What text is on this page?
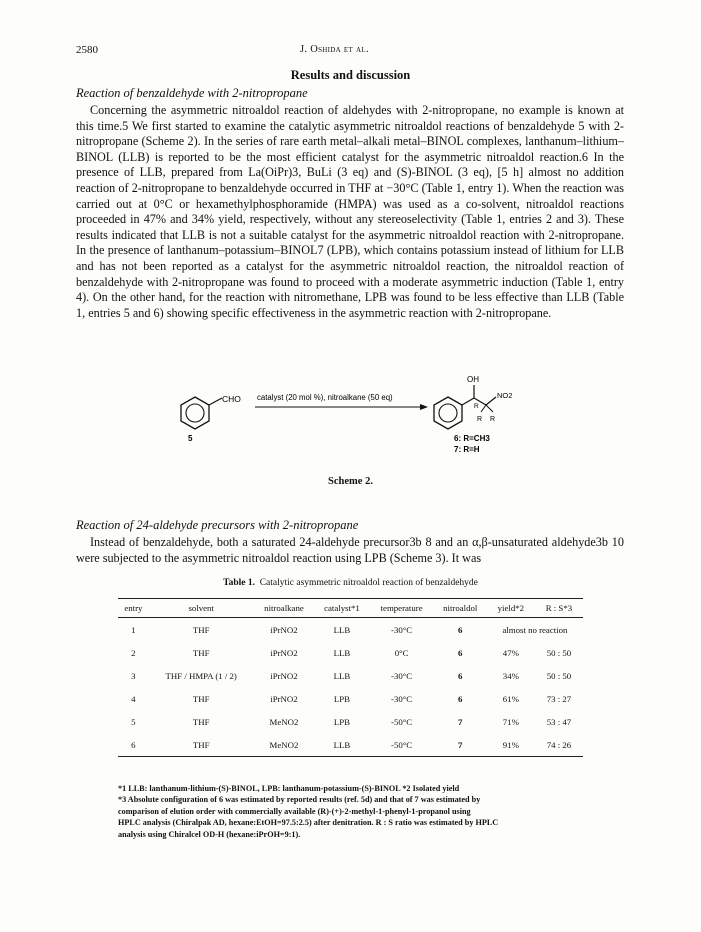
2580	J. Oshida et al.
Results and discussion
Reaction of benzaldehyde with 2-nitropropane
Concerning the asymmetric nitroaldol reaction of aldehydes with 2-nitropropane, no example is known at this time.5 We first started to examine the catalytic asymmetric nitroaldol reactions of benzaldehyde 5 with 2-nitropropane (Scheme 2). In the series of rare earth metal–alkali metal–BINOL complexes, lanthanum–lithium–BINOL (LLB) is reported to be the most efficient catalyst for the asymmetric nitroaldol reaction.6 In the presence of LLB, prepared from La(OiPr)3, BuLi (3 eq) and (S)-BINOL (3 eq), [5 h] almost no addition reaction of 2-nitropropane to benzaldehyde occurred in THF at −30°C (Table 1, entry 1). When the reaction was carried out at 0°C or hexamethylphosphoramide (HMPA) was used as a co-solvent, nitroaldol reactions proceeded in 47% and 34% yield, respectively, without any stereoselectivity (Table 1, entries 2 and 3). These results indicated that LLB is not a suitable catalyst for the asymmetric nitroaldol reaction with 2-nitropropane. In the presence of lanthanum–potassium–BINOL7 (LPB), which contains potassium instead of lithium for LLB and has not been reported as a catalyst for the asymmetric nitroaldol reaction, the nitroaldol reaction of benzaldehyde with 2-nitropropane was found to proceed with a moderate asymmetric induction (Table 1, entry 4). On the other hand, for the reaction with nitromethane, LPB was found to be less effective than LLB (Table 1, entries 5 and 6) showing specific effectiveness in the asymmetric reaction with 2-nitropropane.
CHO
5
catalyst (20 mol %), nitroalkane (50 eq)
OH
NO2
R
R R
6: R=CH3
7: R=H
Scheme 2.
Reaction of 24-aldehyde precursors with 2-nitropropane
Instead of benzaldehyde, both a saturated 24-aldehyde precursor3b 8 and an α,β-unsaturated aldehyde3b 10 were subjected to the asymmetric nitroaldol reaction using LPB (Scheme 3). It was
Table 1. Catalytic asymmetric nitroaldol reaction of benzaldehyde
entry	solvent	nitroalkane	catalyst*1	temperature	nitroaldol	yield*2	R : S*3
1	THF	iPrNO2	LLB	-30°C	6	almost no reaction	
2	THF	iPrNO2	LLB	0°C	6	47%	50 : 50
3	THF / HMPA (1 / 2)	iPrNO2	LLB	-30°C	6	34%	50 : 50
4	THF	iPrNO2	LPB	-30°C	6	61%	73 : 27
5	THF	MeNO2	LPB	-50°C	7	71%	53 : 47
6	THF	MeNO2	LLB	-50°C	7	91%	74 : 26
*1 LLB: lanthanum-lithium-(S)-BINOL, LPB: lanthanum-potassium-(S)-BINOL *2 Isolated yield
*3 Absolute configuration of 6 was estimated by reported results (ref. 5d) and that of 7 was estimated by
comparison of elution order with commercially available (R)-(+)-2-methyl-1-phenyl-1-propanol using
HPLC analysis (Chiralpak AD, hexane:EtOH=97.5:2.5) after denitration. R : S ratio was estimated by HPLC
analysis using Chiralcel OD-H (hexane:iPrOH=9:1).
